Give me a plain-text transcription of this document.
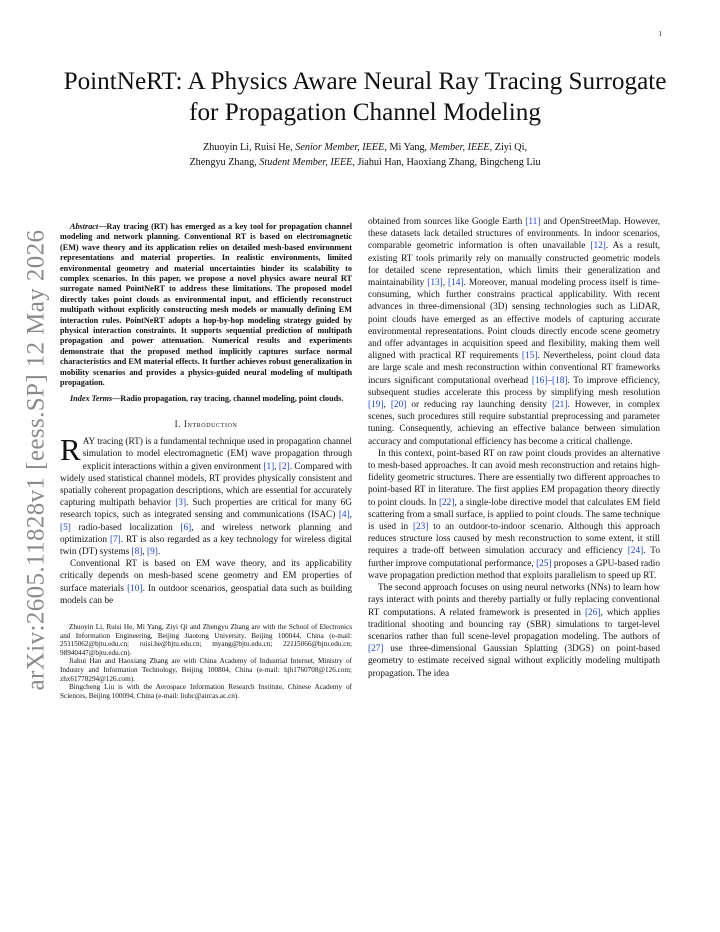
1
arXiv:2605.11828v1 [eess.SP] 12 May 2026
PointNeRT: A Physics Aware Neural Ray Tracing Surrogate for Propagation Channel Modeling
Zhuoyin Li, Ruisi He, Senior Member, IEEE, Mi Yang, Member, IEEE, Ziyi Qi,
Zhengyu Zhang, Student Member, IEEE, Jiahui Han, Haoxiang Zhang, Bingcheng Liu

Abstract—Ray tracing (RT) has emerged as a key tool for propagation channel modeling and network planning. Conventional RT is based on electromagnetic (EM) wave theory and its application relies on detailed mesh-based environment representations and material properties. In realistic environments, limited environmental geometry and material uncertainties hinder its scalability to complex scenarios. In this paper, we propose a novel physics aware neural RT surrogate named PointNeRT to address these limitations. The proposed model directly takes point clouds as environmental input, and efficiently reconstruct multipath without explicitly constructing mesh models or manually defining EM interaction rules. PointNeRT adopts a hop-by-hop modeling strategy guided by physical interaction constraints. It supports sequential prediction of multipath propagation and power attenuation. Numerical results and experiments demonstrate that the proposed method implicitly captures surface normal characteristics and EM material effects. It further achieves robust generalization in mobility scenarios and provides a physics-guided neural modeling of multipath propagation.

Index Terms—Radio propagation, ray tracing, channel modeling, point clouds.

I. Introduction

RAY tracing (RT) is a fundamental technique used in propagation channel simulation to model electromagnetic (EM) wave propagation through explicit interactions within a given environment [1], [2]. Compared with widely used statistical channel models, RT provides physically consistent and spatially coherent propagation descriptions, which are essential for accurately capturing multipath behavior [3]. Such properties are critical for many 6G research topics, such as integrated sensing and communications (ISAC) [4], [5] radio-based localization [6], and wireless network planning and optimization [7]. RT is also regarded as a key technology for wireless digital twin (DT) systems [8], [9].

Conventional RT is based on EM wave theory, and its applicability critically depends on mesh-based scene geometry and EM properties of surface materials [10]. In outdoor scenarios, geospatial data such as building models can be

Zhuoyin Li, Ruisi He, Mi Yang, Ziyi Qi and Zhengyu Zhang are with the School of Electronics and Information Engineering, Beijing Jiaotong University, Beijing 100044, China (e-mail: 25115062@bjtu.edu.cn; ruisi.he@bjtu.edu.cn; myang@bjtu.edu.cn; 22115066@bjtu.edu.cn; 98940447@bjtu.edu.cn).

Jiahui Han and Haoxiang Zhang are with China Academy of Industrial Internet, Ministry of Industry and Information Technology, Beijing 100804, China (e-mail: hjh1760708@126.com; zhx61778294@126.com).

Bingcheng Liu is with the Aerospace Information Research Institute, Chinese Academy of Sciences, Beijing 100094, China (e-mail: liubc@aircas.ac.cn).

obtained from sources like Google Earth [11] and OpenStreetMap. However, these datasets lack detailed structures of environments. In indoor scenarios, comparable geometric information is often unavailable [12]. As a result, existing RT tools primarily rely on manually constructed geometric models for detailed scene representation, which limits their generalization and maintainability [13], [14]. Moreover, manual modeling process itself is time-consuming, which further constrains practical applicability. With recent advances in three-dimensional (3D) sensing technologies such as LiDAR, point clouds have emerged as an effective models of capturing accurate environmental representations. Point clouds directly encode scene geometry and offer advantages in acquisition speed and flexibility, making them well aligned with practical RT requirements [15]. Nevertheless, point cloud data are large scale and mesh reconstruction within conventional RT frameworks incurs significant computational overhead [16]–[18]. To improve efficiency, subsequent studies accelerate this process by simplifying mesh resolution [19], [20] or reducing ray launching density [21]. However, in complex scenes, such procedures still require substantial preprocessing and parameter tuning. Consequently, achieving an effective balance between simulation accuracy and computational efficiency has become a critical challenge.

In this context, point-based RT on raw point clouds provides an alternative to mesh-based approaches. It can avoid mesh reconstruction and retains high-fidelity geometric structures. There are essentially two different approaches to point-based RT in literature. The first applies EM propagation theory directly to point clouds. In [22], a single-lobe directive model that calculates EM field scattering from a small surface, is applied to point clouds. The same technique is used in [23] to an outdoor-to-indoor scenario. Although this approach reduces structure loss caused by mesh reconstruction to some extent, it still requires a trade-off between simulation accuracy and efficiency [24]. To further improve computational performance, [25] proposes a GPU-based radio wave propagation prediction method that exploits parallelism to speed up RT.

The second approach focuses on using neural networks (NNs) to learn how rays interact with points and thereby partially or fully replacing conventional RT computations. A related framework is presented in [26], which applies traditional shooting and bouncing ray (SBR) simulations to target-level scenarios rather than full scene-level propagation modeling. The authors of [27] use three-dimensional Gaussian Splatting (3DGS) on point-based geometry to estimate received signal without explicitly modeling multipath propagation. The idea
